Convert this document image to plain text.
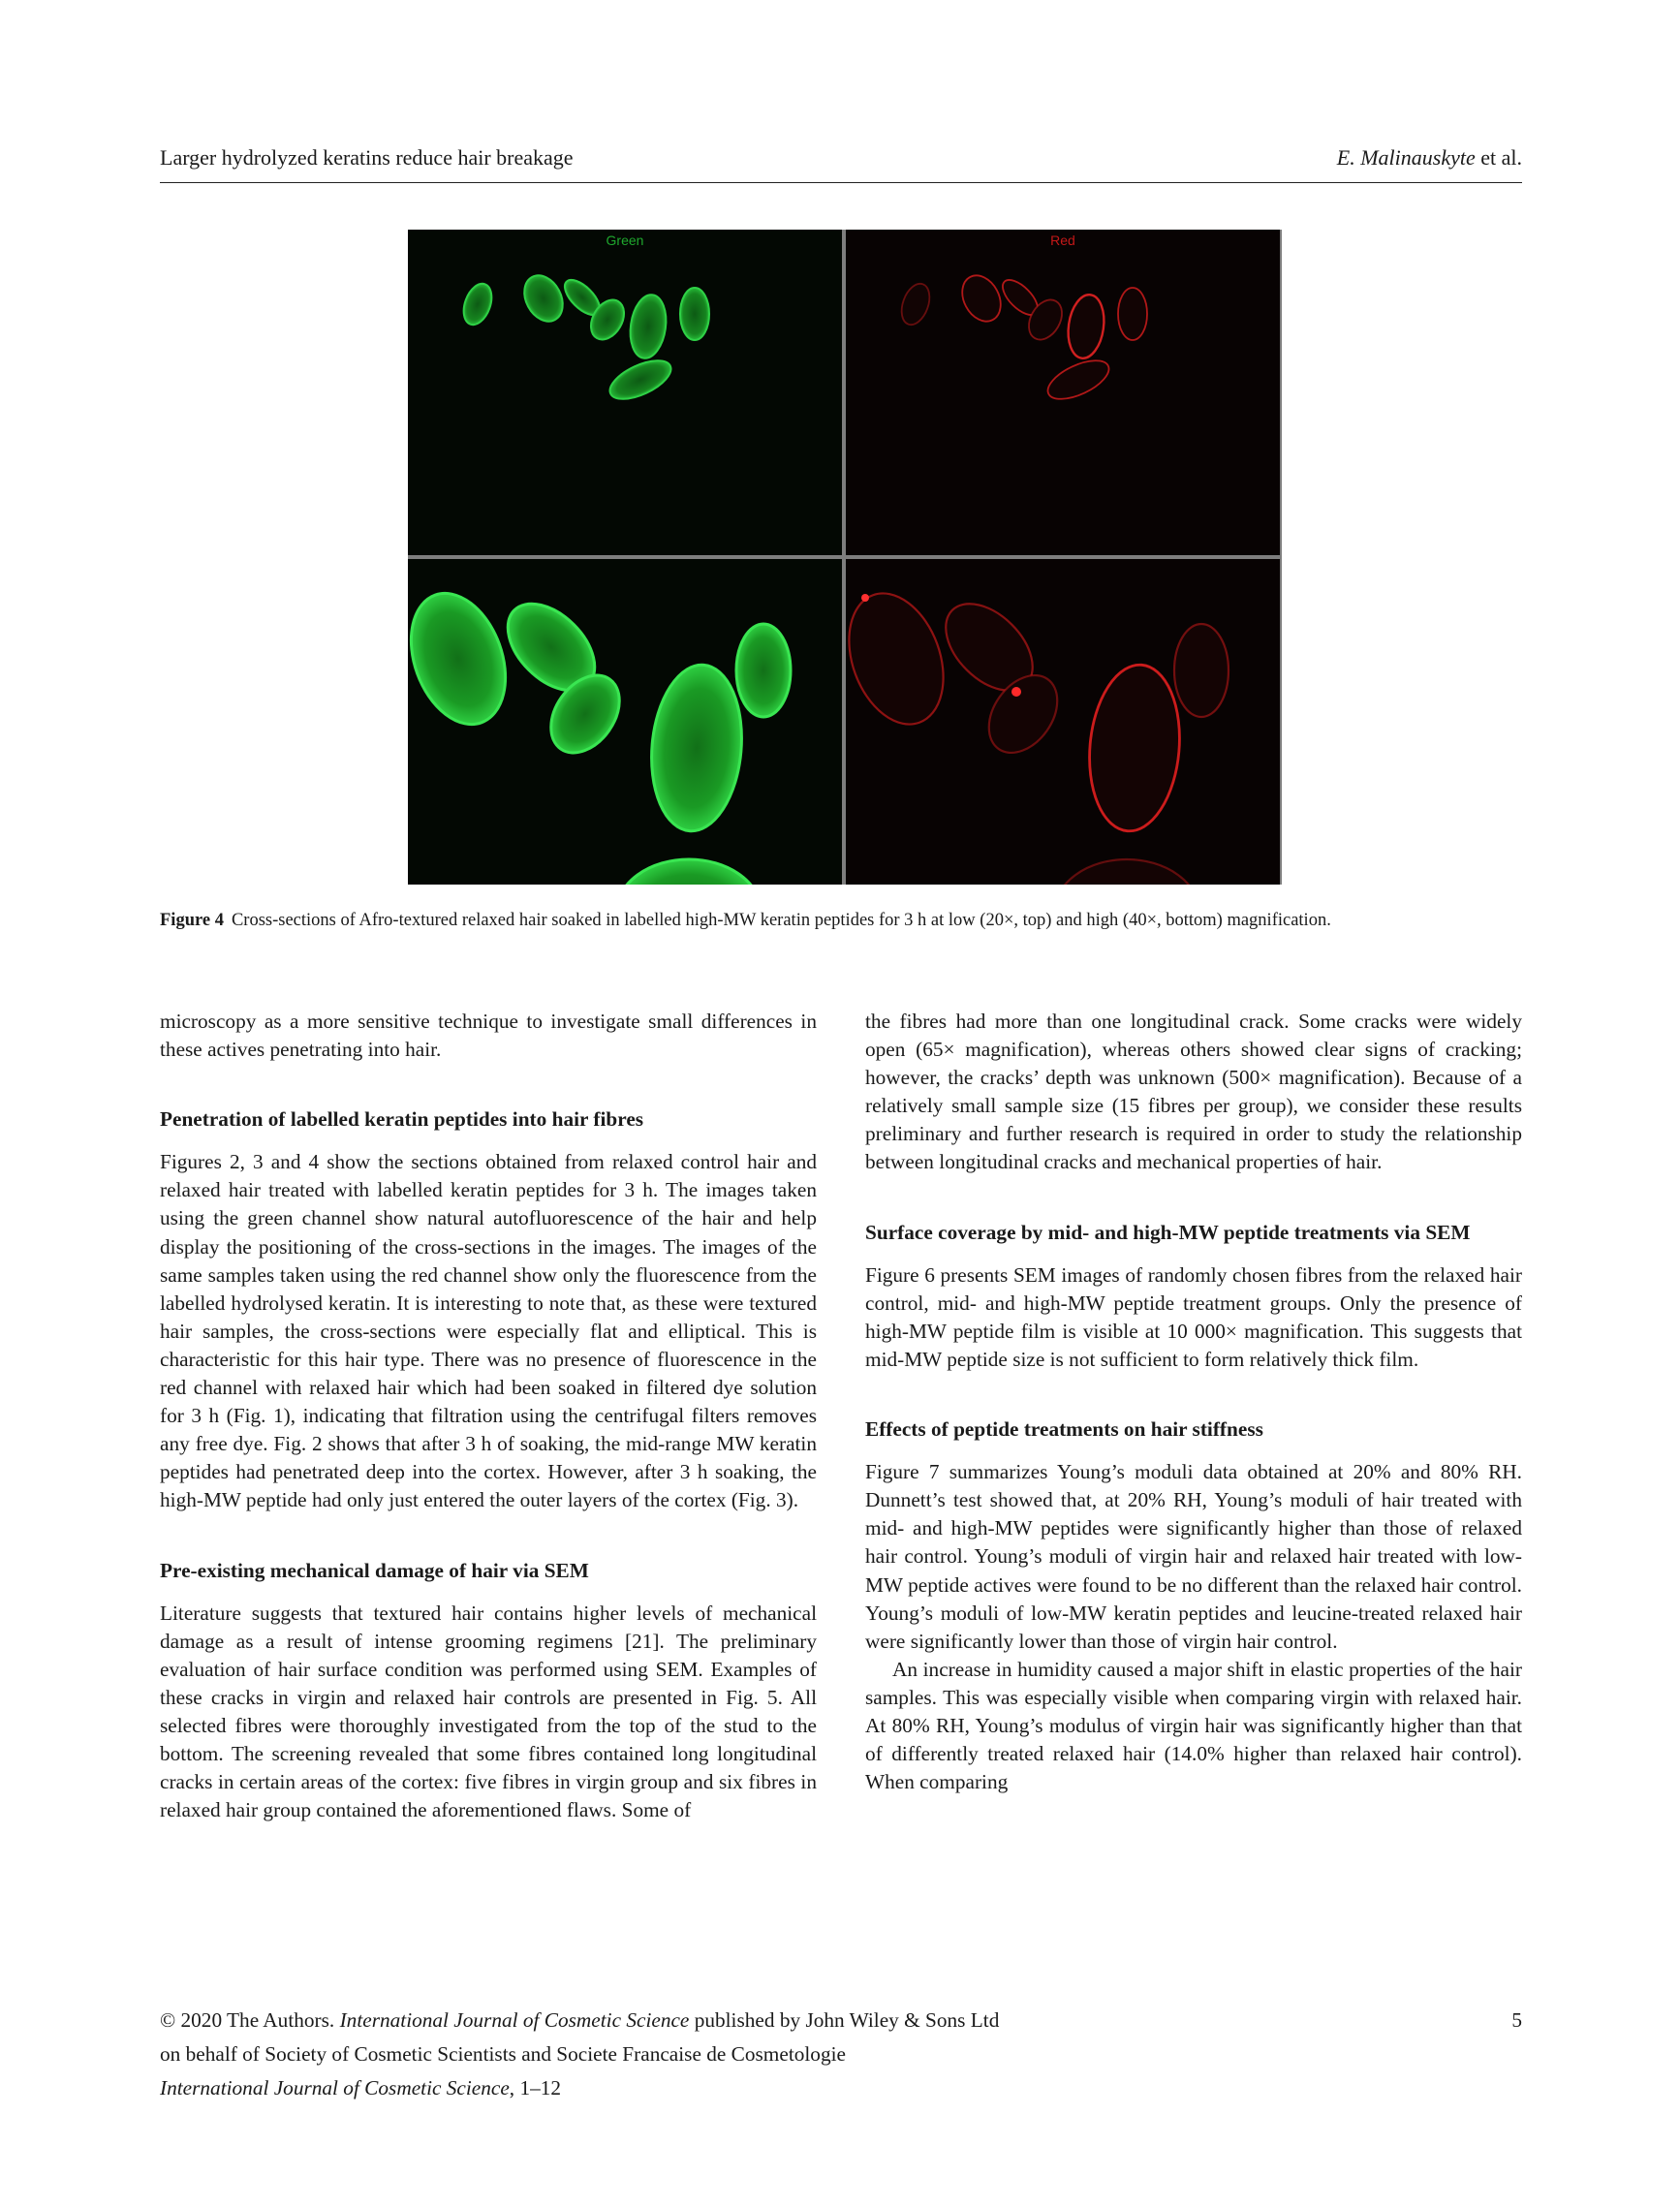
Larger hydrolyzed keratins reduce hair breakage	E. Malinauskyte et al.
Green	Red
Figure 4 Cross-sections of Afro-textured relaxed hair soaked in labelled high-MW keratin peptides for 3 h at low (20×, top) and high (40×, bottom) magnification.

microscopy as a more sensitive technique to investigate small differences in these actives penetrating into hair.

Penetration of labelled keratin peptides into hair fibres

Figures 2, 3 and 4 show the sections obtained from relaxed control hair and relaxed hair treated with labelled keratin peptides for 3 h. The images taken using the green channel show natural autofluorescence of the hair and help display the positioning of the cross-sections in the images. The images of the same samples taken using the red channel show only the fluorescence from the labelled hydrolysed keratin. It is interesting to note that, as these were textured hair samples, the cross-sections were especially flat and elliptical. This is characteristic for this hair type. There was no presence of fluorescence in the red channel with relaxed hair which had been soaked in filtered dye solution for 3 h (Fig. 1), indicating that filtration using the centrifugal filters removes any free dye. Fig. 2 shows that after 3 h of soaking, the mid-range MW keratin peptides had penetrated deep into the cortex. However, after 3 h soaking, the high-MW peptide had only just entered the outer layers of the cortex (Fig. 3).

Pre-existing mechanical damage of hair via SEM

Literature suggests that textured hair contains higher levels of mechanical damage as a result of intense grooming regimens [21]. The preliminary evaluation of hair surface condition was performed using SEM. Examples of these cracks in virgin and relaxed hair controls are presented in Fig. 5. All selected fibres were thoroughly investigated from the top of the stud to the bottom. The screening revealed that some fibres contained long longitudinal cracks in certain areas of the cortex: five fibres in virgin group and six fibres in relaxed hair group contained the aforementioned flaws. Some of

the fibres had more than one longitudinal crack. Some cracks were widely open (65× magnification), whereas others showed clear signs of cracking; however, the cracks’ depth was unknown (500× magnification). Because of a relatively small sample size (15 fibres per group), we consider these results preliminary and further research is required in order to study the relationship between longitudinal cracks and mechanical properties of hair.

Surface coverage by mid- and high-MW peptide treatments via SEM

Figure 6 presents SEM images of randomly chosen fibres from the relaxed hair control, mid- and high-MW peptide treatment groups. Only the presence of high-MW peptide film is visible at 10 000× magnification. This suggests that mid-MW peptide size is not sufficient to form relatively thick film.

Effects of peptide treatments on hair stiffness

Figure 7 summarizes Young’s moduli data obtained at 20% and 80% RH. Dunnett’s test showed that, at 20% RH, Young’s moduli of hair treated with mid- and high-MW peptides were significantly higher than those of relaxed hair control. Young’s moduli of virgin hair and relaxed hair treated with low-MW peptide actives were found to be no different than the relaxed hair control. Young’s moduli of low-MW keratin peptides and leucine-treated relaxed hair were significantly lower than those of virgin hair control.

An increase in humidity caused a major shift in elastic properties of the hair samples. This was especially visible when comparing virgin with relaxed hair. At 80% RH, Young’s modulus of virgin hair was significantly higher than that of differently treated relaxed hair (14.0% higher than relaxed hair control). When comparing

© 2020 The Authors. International Journal of Cosmetic Science published by John Wiley & Sons Ltd
on behalf of Society of Cosmetic Scientists and Societe Francaise de Cosmetologie
International Journal of Cosmetic Science, 1–12
5
